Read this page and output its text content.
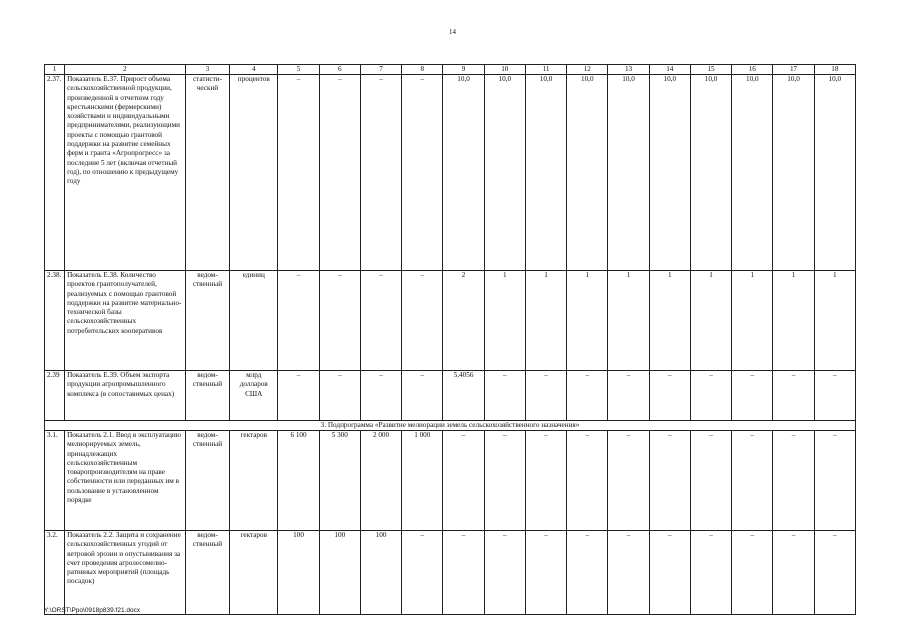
14
1	2	3	4	5	6	7	8	9	10	11	12	13	14	15	16	17	18
2.37.	Показатель Е.37. Прирост объема сельскохозяйственной продукции, произведенной в отчетном году крестьянскими (фермерскими) хозяйствами и индивидуальными предпринимателями, реализующими проекты с помощью грантовой поддержки на развитие семейных ферм и гранта «Агропрогресс» за последние 5 лет (включая отчетный год), по отношению к предыдущему году	статисти-ческий	процентов	–	–	–	–	10,0	10,0	10,0	10,0	10,0	10,0	10,0	10,0	10,0	10,0
2.38.	Показатель Е.38. Количество проектов грантополучателей, реализуемых с помощью грантовой поддержки на развитие материально-технической базы сельскохозяйственных потребительских кооперативов	ведом-ственный	единиц	–	–	–	–	2	1	1	1	1	1	1	1	1	1
2.39	Показатель Е.39. Объем экспорта продукции агропромышленного комплекса (в сопоставимых ценах)	ведом-ственный	млрд долларов США	–	–	–	–	5,4056	–	–	–	–	–	–	–	–	–
3. Подпрограмма «Развитие мелиорации земель сельскохозяйственного назначения»																	
3.1.	Показатель 2.1. Ввод в эксплуатацию мелиорируемых земель, принадлежащих сельскохозяйственным товаропроизводителям на праве собственности или переданных им в пользование в установленном порядке	ведом-ственный	гектаров	6 100	5 300	2 000	1 000	–	–	–	–	–	–	–	–	–	–
3.2.	Показатель 2.2. Защита и сохранение сельскохозяйственных угодий от ветровой эрозии и опустынивания за счет проведения агролесомелио-ративных мероприятий (площадь посадок)	ведом-ственный	гектаров	100	100	100	–	–	–	–	–	–	–	–	–	–	–
Y:\ORST\Ppo\0918p839.f21.docx
